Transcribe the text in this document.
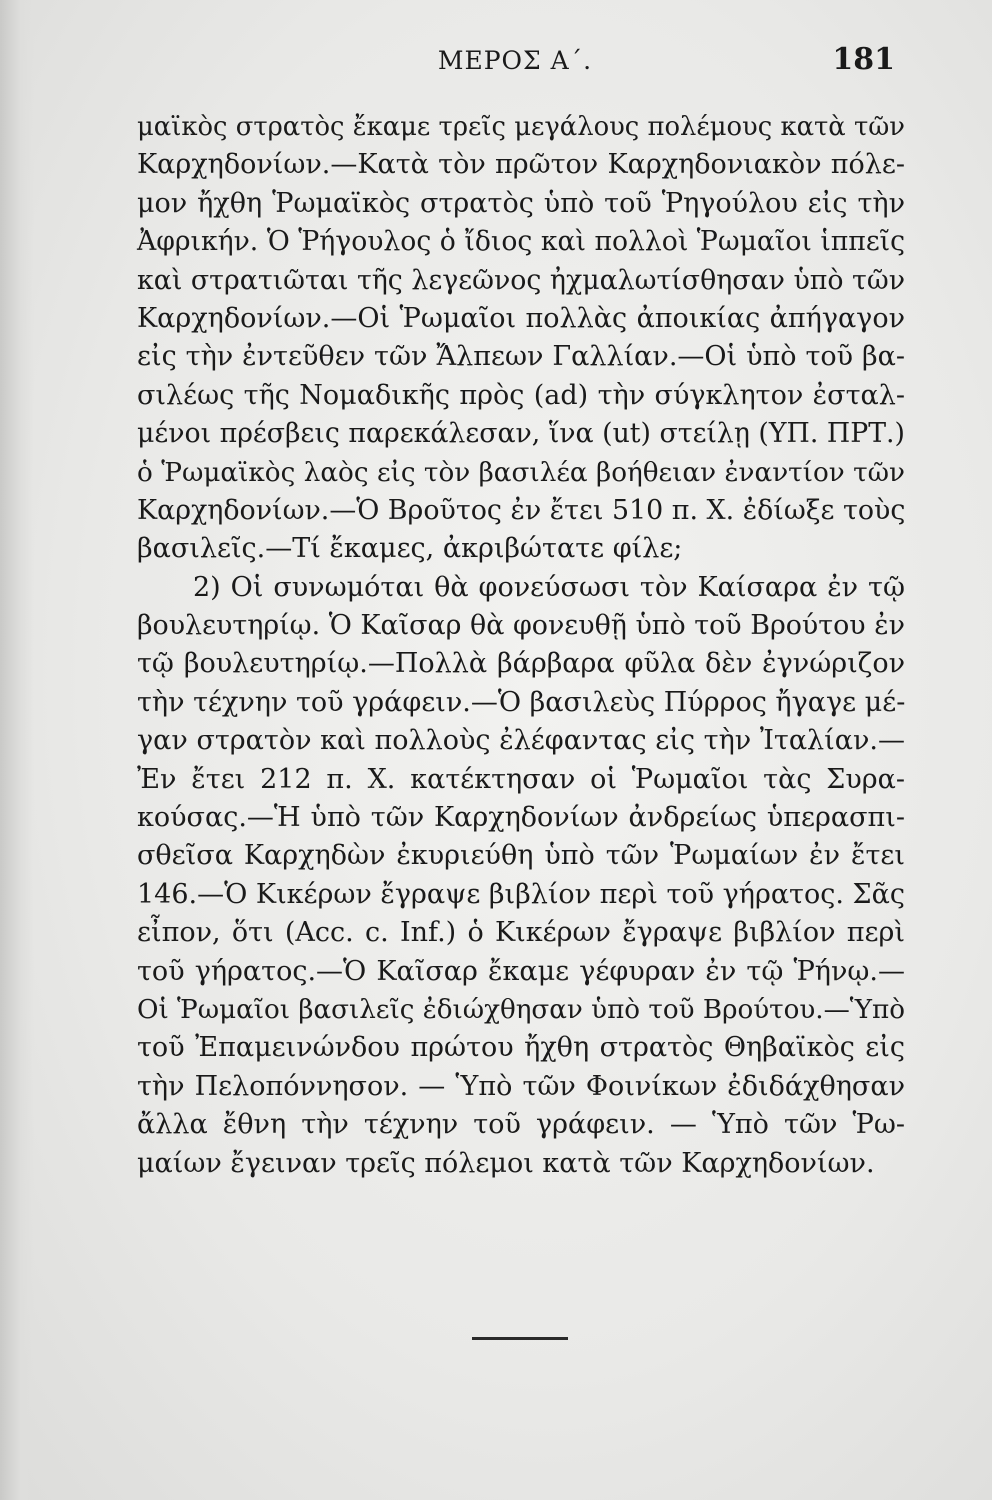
ΜΕΡΟΣ Α΄.	181
μαϊκὸς στρατὸς ἔκαμε τρεῖς μεγάλους πολέμους κατὰ τῶν
Καρχηδονίων.—Κατὰ τὸν πρῶτον Καρχηδονιακὸν πόλε-
μον ἤχθη Ῥωμαϊκὸς στρατὸς ὑπὸ τοῦ Ῥηγούλου εἰς τὴν
Ἀφρικήν. Ὁ Ῥήγουλος ὁ ἴδιος καὶ πολλοὶ Ῥωμαῖοι ἱππεῖς
καὶ στρατιῶται τῆς λεγεῶνος ἠχμαλωτίσθησαν ὑπὸ τῶν
Καρχηδονίων.—Οἱ Ῥωμαῖοι πολλὰς ἀποικίας ἀπήγαγον
εἰς τὴν ἐντεῦθεν τῶν Ἄλπεων Γαλλίαν.—Οἱ ὑπὸ τοῦ βα-
σιλέως τῆς Νομαδικῆς πρὸς (ad) τὴν σύγκλητον ἐσταλ-
μένοι πρέσβεις παρεκάλεσαν, ἵνα (ut) στείλῃ (ΥΠ. ΠΡΤ.)
ὁ Ῥωμαϊκὸς λαὸς εἰς τὸν βασιλέα βοήθειαν ἐναντίον τῶν
Καρχηδονίων.—Ὁ Βροῦτος ἐν ἔτει 510 π. Χ. ἐδίωξε τοὺς
βασιλεῖς.—Τί ἔκαμες, ἀκριβώτατε φίλε;
2) Οἱ συνωμόται θὰ φονεύσωσι τὸν Καίσαρα ἐν τῷ
βουλευτηρίῳ. Ὁ Καῖσαρ θὰ φονευθῇ ὑπὸ τοῦ Βρούτου ἐν
τῷ βουλευτηρίῳ.—Πολλὰ βάρβαρα φῦλα δὲν ἐγνώριζον
τὴν τέχνην τοῦ γράφειν.—Ὁ βασιλεὺς Πύρρος ἤγαγε μέ-
γαν στρατὸν καὶ πολλοὺς ἐλέφαντας εἰς τὴν Ἰταλίαν.—
Ἐν ἔτει 212 π. Χ. κατέκτησαν οἱ Ῥωμαῖοι τὰς Συρα-
κούσας.—Ἡ ὑπὸ τῶν Καρχηδονίων ἀνδρείως ὑπερασπι-
σθεῖσα Καρχηδὼν ἐκυριεύθη ὑπὸ τῶν Ῥωμαίων ἐν ἔτει
146.—Ὁ Κικέρων ἔγραψε βιβλίον περὶ τοῦ γήρατος. Σᾶς
εἶπον, ὅτι (Acc. c. Inf.) ὁ Κικέρων ἔγραψε βιβλίον περὶ
τοῦ γήρατος.—Ὁ Καῖσαρ ἔκαμε γέφυραν ἐν τῷ Ῥήνῳ.—
Οἱ Ῥωμαῖοι βασιλεῖς ἐδιώχθησαν ὑπὸ τοῦ Βρούτου.—Ὑπὸ
τοῦ Ἐπαμεινώνδου πρώτου ἤχθη στρατὸς Θηβαϊκὸς εἰς
τὴν Πελοπόννησον. — Ὑπὸ τῶν Φοινίκων ἐδιδάχθησαν
ἄλλα ἔθνη τὴν τέχνην τοῦ γράφειν. — Ὑπὸ τῶν Ῥω-
μαίων ἔγειναν τρεῖς πόλεμοι κατὰ τῶν Καρχηδονίων.
